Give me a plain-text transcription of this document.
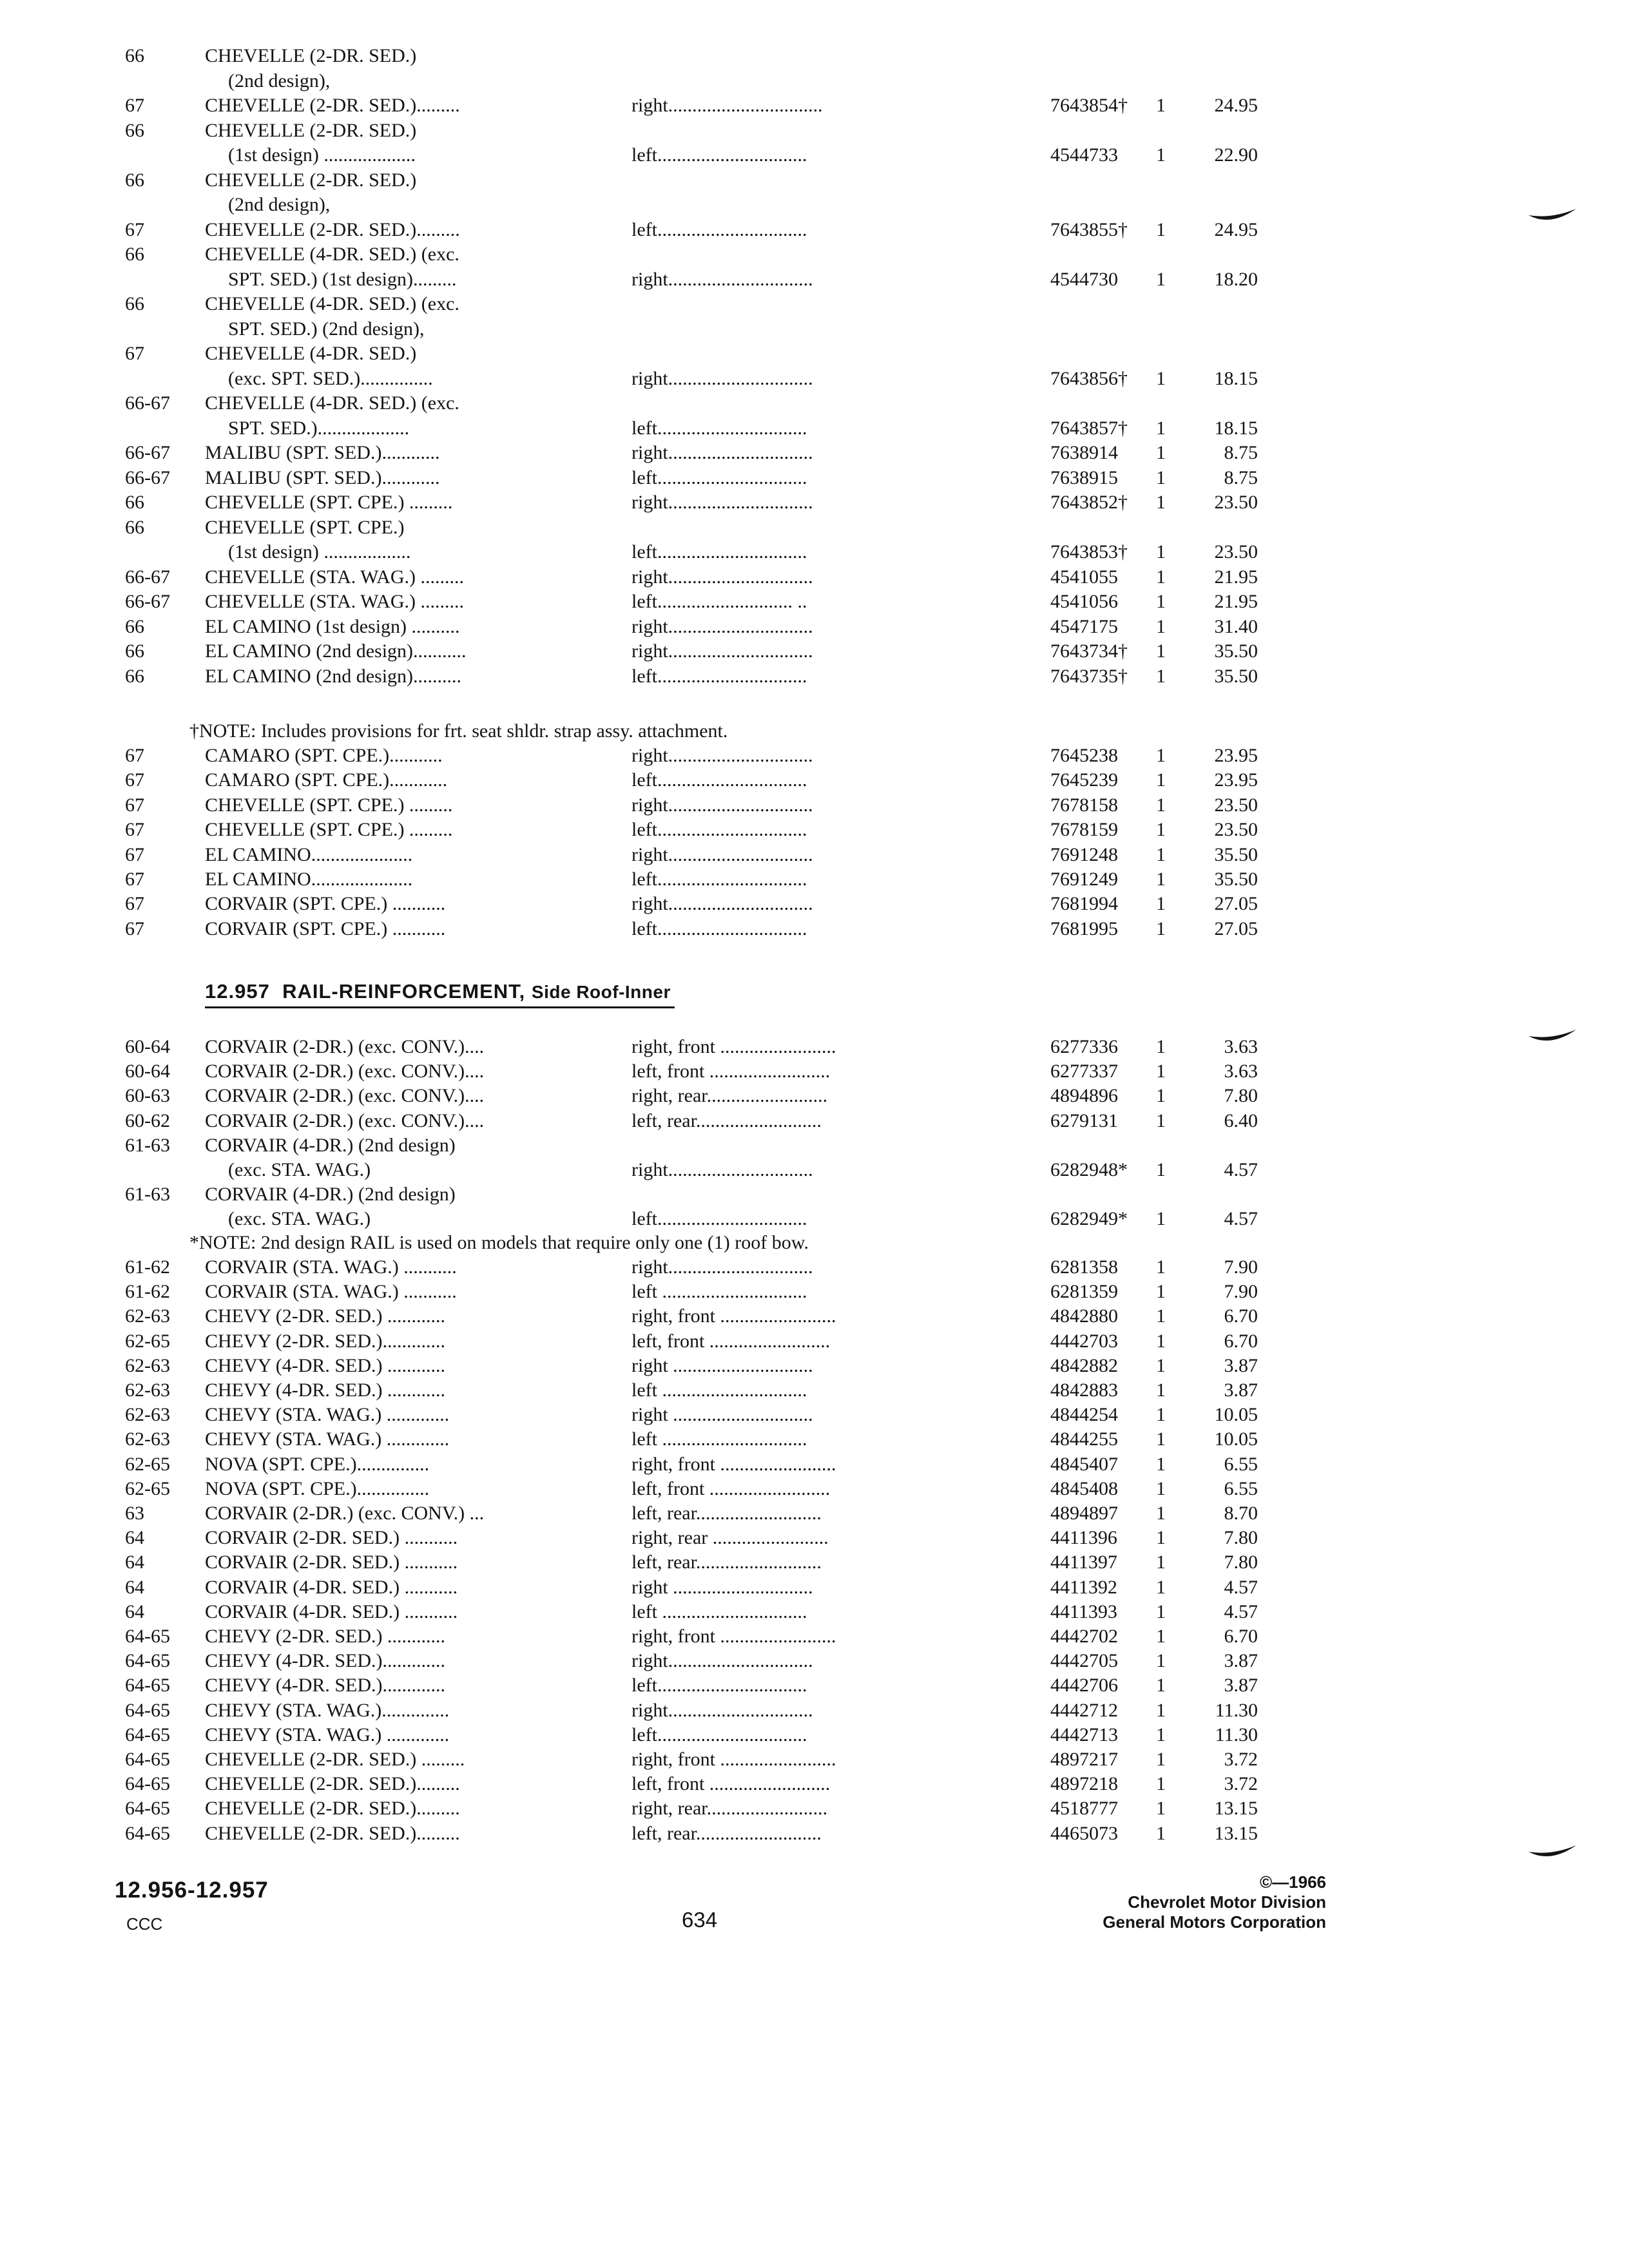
66	CHEVELLE (2-DR. SED.)
(2nd design),
67	CHEVELLE (2-DR. SED.).........	right................................	7643854† 1	24.95
66	CHEVELLE (2-DR. SED.)
(1st design) ...................	left...............................	4544733 1	22.90
66	CHEVELLE (2-DR. SED.)
(2nd design),
67	CHEVELLE (2-DR. SED.).........	left...............................	7643855† 1	24.95
66	CHEVELLE (4-DR. SED.) (exc.
SPT. SED.) (1st design).........	right..............................	4544730 1	18.20
66	CHEVELLE (4-DR. SED.) (exc.
SPT. SED.) (2nd design),
67	CHEVELLE (4-DR. SED.)
(exc. SPT. SED.)...............	right..............................	7643856† 1	18.15
66-67 CHEVELLE (4-DR. SED.) (exc.
SPT. SED.)...................	left...............................	7643857† 1	18.15
66-67 MALIBU (SPT. SED.)............	right..............................	7638914 1	8.75
66-67 MALIBU (SPT. SED.)............	left...............................	7638915 1	8.75
66	CHEVELLE (SPT. CPE.) .........	right..............................	7643852† 1	23.50
66	CHEVELLE (SPT. CPE.)
(1st design) ..................	left...............................	7643853† 1	23.50
66-67 CHEVELLE (STA. WAG.) .........	right..............................	4541055 1	21.95
66-67 CHEVELLE (STA. WAG.) .........	left............................ ..	4541056 1	21.95
66	EL CAMINO (1st design) ..........	right..............................	4547175 1	31.40
66	EL CAMINO (2nd design)...........	right..............................	7643734† 1	35.50
66	EL CAMINO (2nd design)..........	left...............................	7643735† 1	35.50
†NOTE: Includes provisions for frt. seat shldr. strap assy. attachment.
67	CAMARO (SPT. CPE.)...........	right..............................	7645238 1	23.95
67	CAMARO (SPT. CPE.)............	left...............................	7645239 1	23.95
67	CHEVELLE (SPT. CPE.) .........	right..............................	7678158 1	23.50
67	CHEVELLE (SPT. CPE.) .........	left...............................	7678159 1	23.50
67	EL CAMINO.....................	right..............................	7691248 1	35.50
67	EL CAMINO.....................	left...............................	7691249 1	35.50
67	CORVAIR (SPT. CPE.) ...........	right..............................	7681994 1	27.05
67	CORVAIR (SPT. CPE.) ...........	left...............................	7681995 1	27.05
12.957 RAIL-REINFORCEMENT, Side Roof-Inner
60-64 CORVAIR (2-DR.) (exc. CONV.)....	right, front ........................	6277336 1	3.63
60-64 CORVAIR (2-DR.) (exc. CONV.)....	left, front .........................	6277337 1	3.63
60-63 CORVAIR (2-DR.) (exc. CONV.)....	right, rear.........................	4894896 1	7.80
60-62 CORVAIR (2-DR.) (exc. CONV.)....	left, rear..........................	6279131 1	6.40
61-63 CORVAIR (4-DR.) (2nd design)
(exc. STA. WAG.)	right..............................	6282948* 1	4.57
61-63 CORVAIR (4-DR.) (2nd design)
(exc. STA. WAG.)	left...............................	6282949* 1	4.57
*NOTE: 2nd design RAIL is used on models that require only one (1) roof bow.
61-62 CORVAIR (STA. WAG.) ...........	right..............................	6281358 1	7.90
61-62 CORVAIR (STA. WAG.) ...........	left ..............................	6281359 1	7.90
62-63 CHEVY (2-DR. SED.) ............	right, front ........................	4842880 1	6.70
62-65 CHEVY (2-DR. SED.).............	left, front .........................	4442703 1	6.70
62-63 CHEVY (4-DR. SED.) ............	right .............................	4842882 1	3.87
62-63 CHEVY (4-DR. SED.) ............	left ..............................	4842883 1	3.87
62-63 CHEVY (STA. WAG.) .............	right .............................	4844254 1	10.05
62-63 CHEVY (STA. WAG.) .............	left ..............................	4844255 1	10.05
62-65 NOVA (SPT. CPE.)...............	right, front ........................	4845407 1	6.55
62-65 NOVA (SPT. CPE.)...............	left, front .........................	4845408 1	6.55
63	CORVAIR (2-DR.) (exc. CONV.) ...	left, rear..........................	4894897 1	8.70
64	CORVAIR (2-DR. SED.) ...........	right, rear ........................	4411396 1	7.80
64	CORVAIR (2-DR. SED.) ...........	left, rear..........................	4411397 1	7.80
64	CORVAIR (4-DR. SED.) ...........	right .............................	4411392 1	4.57
64	CORVAIR (4-DR. SED.) ...........	left ..............................	4411393 1	4.57
64-65 CHEVY (2-DR. SED.) ............	right, front ........................	4442702 1	6.70
64-65 CHEVY (4-DR. SED.).............	right..............................	4442705 1	3.87
64-65 CHEVY (4-DR. SED.).............	left...............................	4442706 1	3.87
64-65 CHEVY (STA. WAG.)..............	right..............................	4442712 1	11.30
64-65 CHEVY (STA. WAG.) .............	left...............................	4442713 1	11.30
64-65 CHEVELLE (2-DR. SED.) .........	right, front ........................	4897217 1	3.72
64-65 CHEVELLE (2-DR. SED.).........	left, front .........................	4897218 1	3.72
64-65 CHEVELLE (2-DR. SED.).........	right, rear.........................	4518777 1	13.15
64-65 CHEVELLE (2-DR. SED.).........	left, rear..........................	4465073 1	13.15
12.956-12.957
CCC	634
©—1966
Chevrolet Motor Division
General Motors Corporation
